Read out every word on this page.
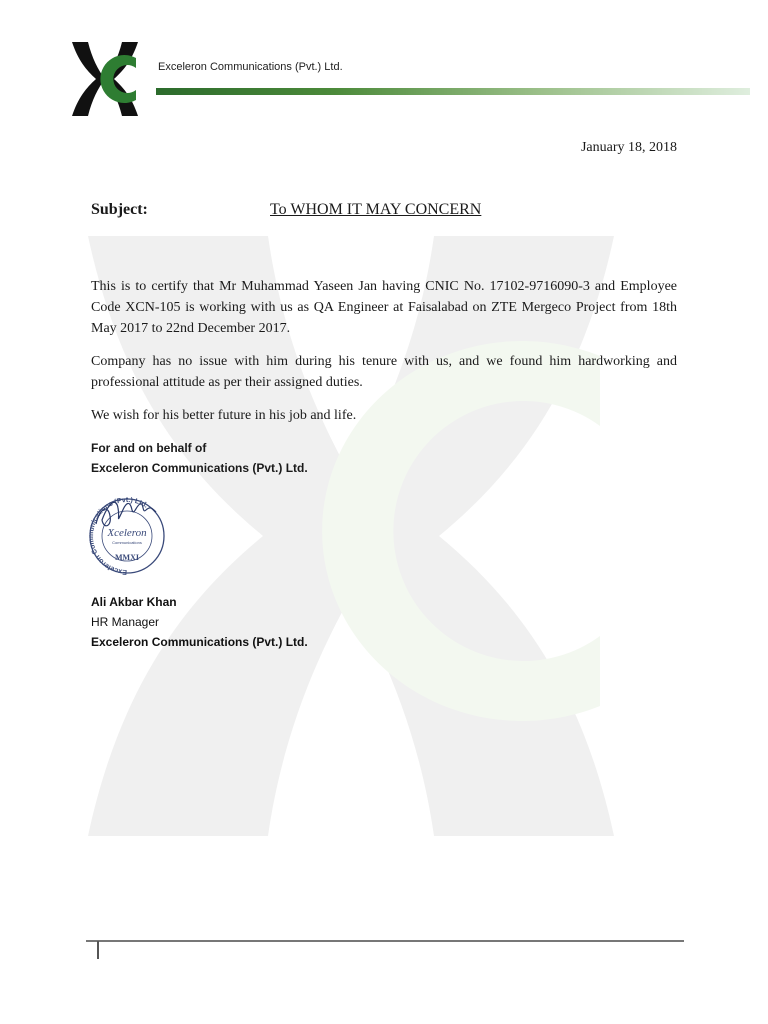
Exceleron Communications (Pvt.) Ltd.
January 18, 2018
Subject:	To WHOM IT MAY CONCERN

This is to certify that Mr Muhammad Yaseen Jan having CNIC No. 17102-9716090-3 and Employee Code XCN-105 is working with us as QA Engineer at Faisalabad on ZTE Mergeco Project from 18th May 2017 to 22nd December 2017.

Company has no issue with him during his tenure with us, and we found him hardworking and professional attitude as per their assigned duties.

We wish for his better future in his job and life.

For and on behalf of
Exceleron Communications (Pvt.) Ltd.
Exceleron Communications (Pvt.) Ltd.
Xceleron
Communications
MMXI
Ali Akbar Khan
HR Manager
Exceleron Communications (Pvt.) Ltd.
